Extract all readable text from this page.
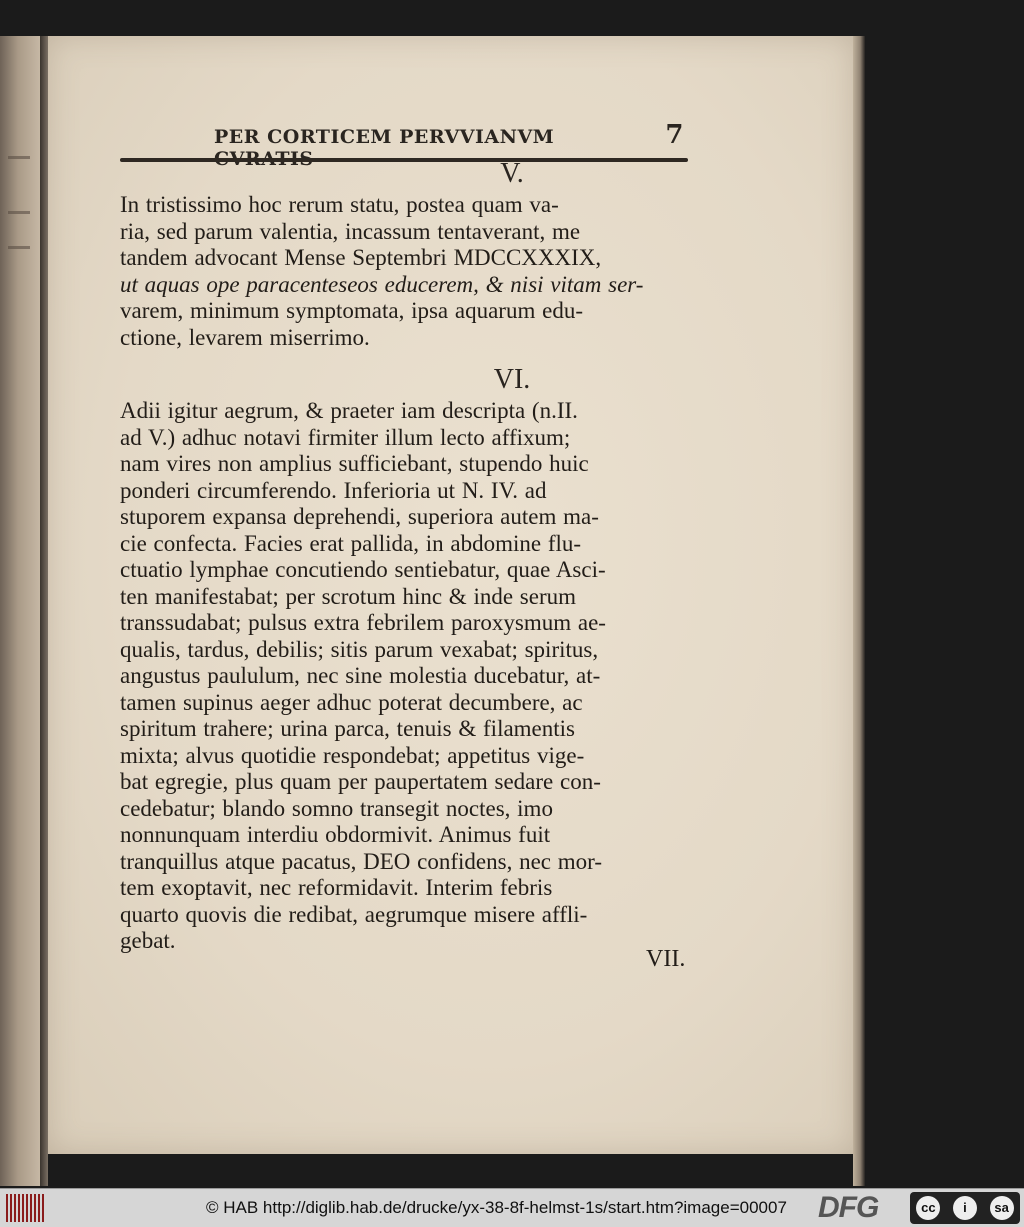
PER CORTICEM PERVVIANVM	7
V.

In tristissimo hoc rerum statu, postea quam va-

ria, sed parum valentia, incassum tentaverant, me

tandem advocant Mense Septembri MDCCXXXIX,

ut aquas ope paracenteseos educerem, & nisi vitam ser-

varem, minimum symptomata, ipsa aquarum edu-

ctione, levarem miserrimo.

VI.

Adii igitur aegrum, & praeter iam descripta (n.II.

ad V.) adhuc notavi firmiter illum lecto affixum;

nam vires non amplius sufficiebant, stupendo huic

ponderi circumferendo. Inferioria ut N. IV. ad

stuporem expansa deprehendi, superiora autem ma-

cie confecta. Facies erat pallida, in abdomine flu-

ctuatio lymphae concutiendo sentiebatur, quae Asci-

ten manifestabat; per scrotum hinc & inde serum

transsudabat; pulsus extra febrilem paroxysmum ae-

qualis, tardus, debilis; sitis parum vexabat; spiritus,

angustus paululum, nec sine molestia ducebatur, at-

tamen supinus aeger adhuc poterat decumbere, ac

spiritum trahere; urina parca, tenuis & filamentis

mixta; alvus quotidie respondebat; appetitus vige-

bat egregie, plus quam per paupertatem sedare con-

cedebatur; blando somno transegit noctes, imo

nonnunquam interdiu obdormivit. Animus fuit

tranquillus atque pacatus, DEO confidens, nec mor-

tem exoptavit, nec reformidavit. Interim febris

quarto quovis die redibat, aegrumque misere affli-

gebat.

VII.
© HAB http://diglib.hab.de/drucke/yx-38-8f-helmst-1s/start.htm?image=00007 DFG	cc	i	sa
